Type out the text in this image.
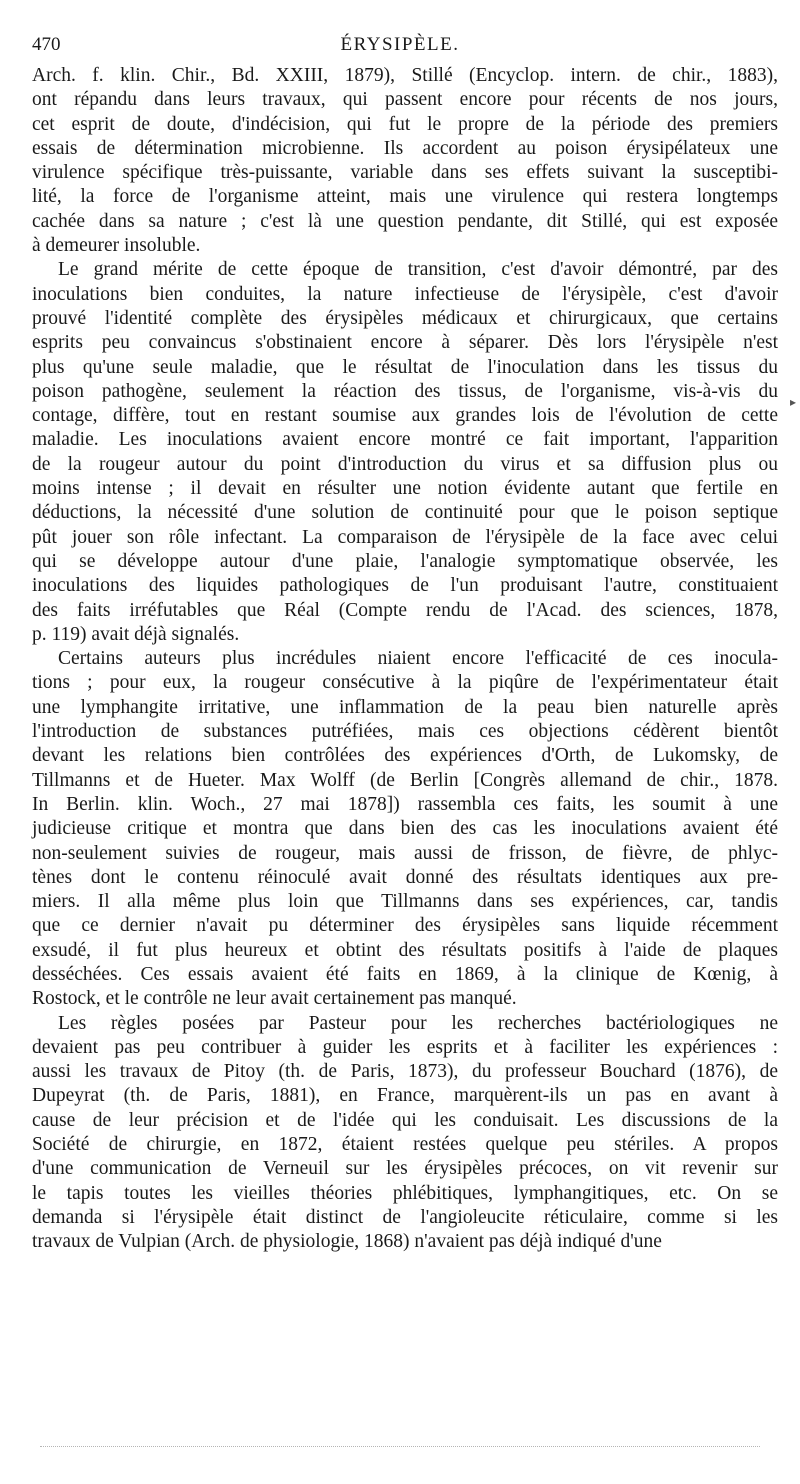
470	ÉRYSIPÈLE.
Arch. f. klin. Chir., Bd. XXIII, 1879), Stillé (Encyclop. intern. de chir., 1883),
ont répandu dans leurs travaux, qui passent encore pour récents de nos jours,
cet esprit de doute, d'indécision, qui fut le propre de la période des premiers
essais de détermination microbienne. Ils accordent au poison érysipélateux une
virulence spécifique très-puissante, variable dans ses effets suivant la susceptibi-
lité, la force de l'organisme atteint, mais une virulence qui restera longtemps
cachée dans sa nature ; c'est là une question pendante, dit Stillé, qui est exposée
à demeurer insoluble.
Le grand mérite de cette époque de transition, c'est d'avoir démontré, par des
inoculations bien conduites, la nature infectieuse de l'érysipèle, c'est d'avoir
prouvé l'identité complète des érysipèles médicaux et chirurgicaux, que certains
esprits peu convaincus s'obstinaient encore à séparer. Dès lors l'érysipèle n'est
plus qu'une seule maladie, que le résultat de l'inoculation dans les tissus du
poison pathogène, seulement la réaction des tissus, de l'organisme, vis-à-vis du
contage, diffère, tout en restant soumise aux grandes lois de l'évolution de cette
maladie. Les inoculations avaient encore montré ce fait important, l'apparition
de la rougeur autour du point d'introduction du virus et sa diffusion plus ou
moins intense ; il devait en résulter une notion évidente autant que fertile en
déductions, la nécessité d'une solution de continuité pour que le poison septique
pût jouer son rôle infectant. La comparaison de l'érysipèle de la face avec celui
qui se développe autour d'une plaie, l'analogie symptomatique observée, les
inoculations des liquides pathologiques de l'un produisant l'autre, constituaient
des faits irréfutables que Réal (Compte rendu de l'Acad. des sciences, 1878,
p. 119) avait déjà signalés.
Certains auteurs plus incrédules niaient encore l'efficacité de ces inocula-
tions ; pour eux, la rougeur consécutive à la piqûre de l'expérimentateur était
une lymphangite irritative, une inflammation de la peau bien naturelle après
l'introduction de substances putréfiées, mais ces objections cédèrent bientôt
devant les relations bien contrôlées des expériences d'Orth, de Lukomsky, de
Tillmanns et de Hueter. Max Wolff (de Berlin [Congrès allemand de chir., 1878.
In Berlin. klin. Woch., 27 mai 1878]) rassembla ces faits, les soumit à une
judicieuse critique et montra que dans bien des cas les inoculations avaient été
non-seulement suivies de rougeur, mais aussi de frisson, de fièvre, de phlyc-
tènes dont le contenu réinoculé avait donné des résultats identiques aux pre-
miers. Il alla même plus loin que Tillmanns dans ses expériences, car, tandis
que ce dernier n'avait pu déterminer des érysipèles sans liquide récemment
exsudé, il fut plus heureux et obtint des résultats positifs à l'aide de plaques
desséchées. Ces essais avaient été faits en 1869, à la clinique de Kœnig, à
Rostock, et le contrôle ne leur avait certainement pas manqué.
Les règles posées par Pasteur pour les recherches bactériologiques ne
devaient pas peu contribuer à guider les esprits et à faciliter les expériences :
aussi les travaux de Pitoy (th. de Paris, 1873), du professeur Bouchard (1876), de
Dupeyrat (th. de Paris, 1881), en France, marquèrent-ils un pas en avant à
cause de leur précision et de l'idée qui les conduisait. Les discussions de la
Société de chirurgie, en 1872, étaient restées quelque peu stériles. A propos
d'une communication de Verneuil sur les érysipèles précoces, on vit revenir sur
le tapis toutes les vieilles théories phlébitiques, lymphangitiques, etc. On se
demanda si l'érysipèle était distinct de l'angioleucite réticulaire, comme si les
travaux de Vulpian (Arch. de physiologie, 1868) n'avaient pas déjà indiqué d'une
▸
